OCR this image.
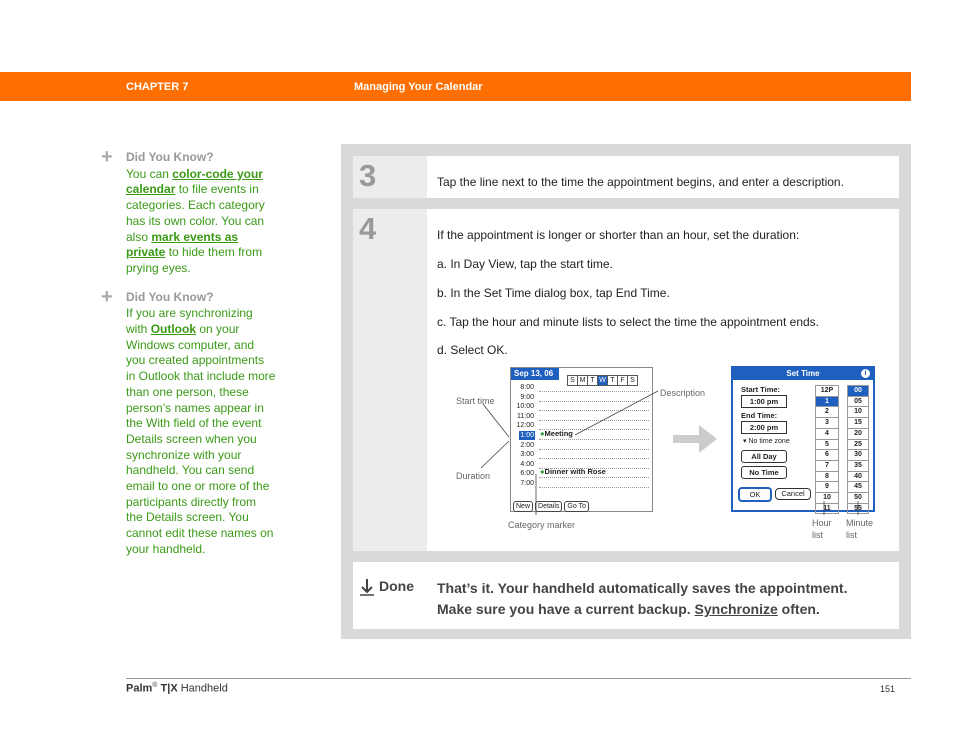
CHAPTER 7	Managing Your Calendar
+ Did You Know?
You can color-code your calendar to file events in categories. Each category has its own color. You can also mark events as private to hide them from prying eyes.
+ Did You Know?
If you are synchronizing with Outlook on your Windows computer, and you created appointments in Outlook that include more than one person, these person’s names appear in the With field of the event Details screen when you synchronize with your handheld. You can send email to one or more of the participants directly from the Details screen. You cannot edit these names on your handheld.
3	Tap the line next to the time the appointment begins, and enter a description.
4	If the appointment is longer or shorter than an hour, set the duration:
a. In Day View, tap the start time.
b. In the Set Time dialog box, tap End Time.
c. Tap the hour and minute lists to select the time the appointment ends.
d. Select OK.
Start time
Duration
Description
Category marker	Hour list
Minute list
Sep 13, 06
S M T W T F S
8:00
9:00
10:00
11:00
12:00
1:00
2:00
3:00
4:00
6:00
7:00
●Meeting
●Dinner with Rose
New Details Go To
Set Time	i
Start Time:
1:00 pm
End Time:
2:00 pm
▾ No time zone
All Day
No Time
OK	Cancel
12P
1
2
3
4
5
6
7
8
9
10
11
00
05
10
15
20
25
30
35
40
45
50
55
Done That’s it. Your handheld automatically saves the appointment.
Make sure you have a current backup. Synchronize often.
Palm® T|X Handheld	151
